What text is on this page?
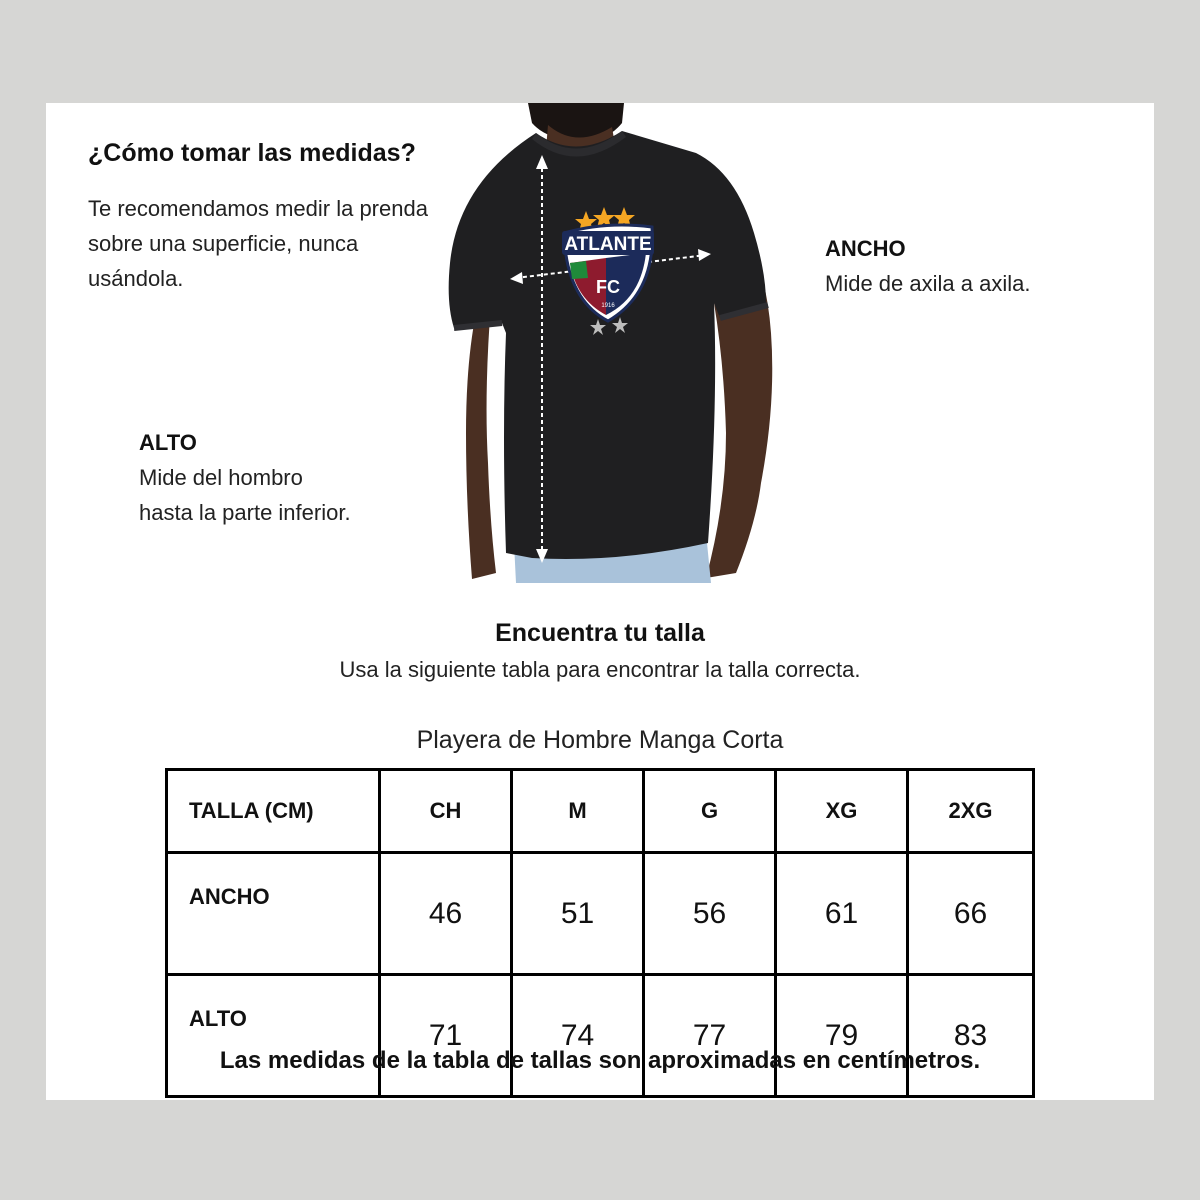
¿Cómo tomar las medidas?

Te recomendamos medir la prenda sobre una superficie, nunca usándola.

ANCHO
Mide de axila a axila.
ALTO
Mide del hombro
hasta la parte inferior.
ATLANTE
FC
1916
Encuentra tu talla

Usa la siguiente tabla para encontrar la talla correcta.

Playera de Hombre Manga Corta

TALLA (CM)	CH	M	G	XG	2XG
ANCHO	46	51	56	61	66
ALTO	71	74	77	79	83

Las medidas de la tabla de tallas son aproximadas en centímetros.
